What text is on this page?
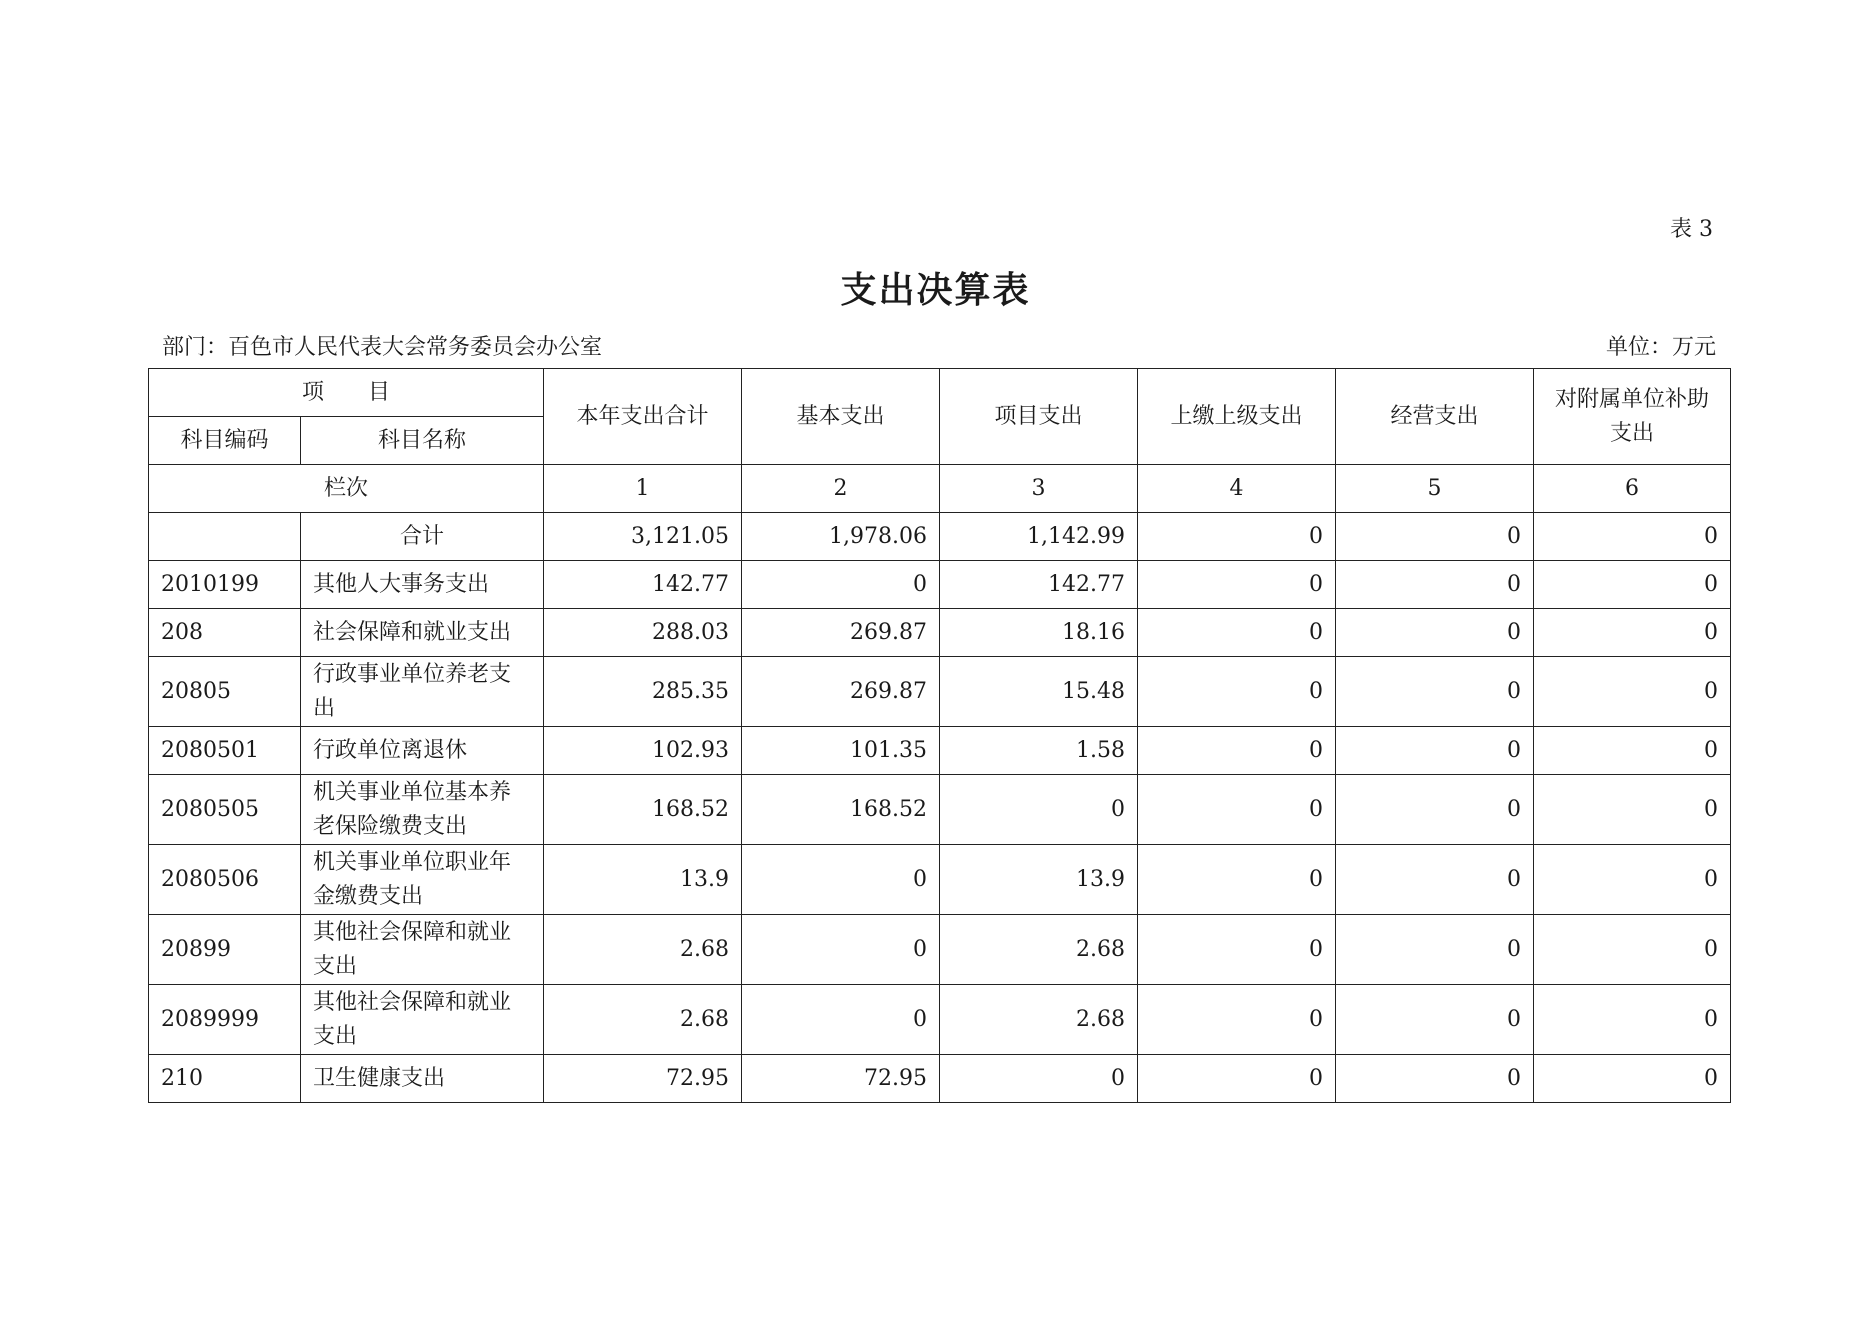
表 3
支出决算表
部门：百色市人民代表大会常务委员会办公室	单位：万元
项　　目		本年支出合计	基本支出	项目支出	上缴上级支出	经营支出	对附属单位补助支出
科目编码	科目名称						
栏次		1	2	3	4	5	6
	合计	3,121.05	1,978.06	1,142.99	0	0	0
2010199	其他人大事务支出	142.77	0	142.77	0	0	0
208	社会保障和就业支出	288.03	269.87	18.16	0	0	0
20805	行政事业单位养老支出	285.35	269.87	15.48	0	0	0
2080501	行政单位离退休	102.93	101.35	1.58	0	0	0
2080505	机关事业单位基本养老保险缴费支出	168.52	168.52	0	0	0	0
2080506	机关事业单位职业年金缴费支出	13.9	0	13.9	0	0	0
20899	其他社会保障和就业支出	2.68	0	2.68	0	0	0
2089999	其他社会保障和就业支出	2.68	0	2.68	0	0	0
210	卫生健康支出	72.95	72.95	0	0	0	0
